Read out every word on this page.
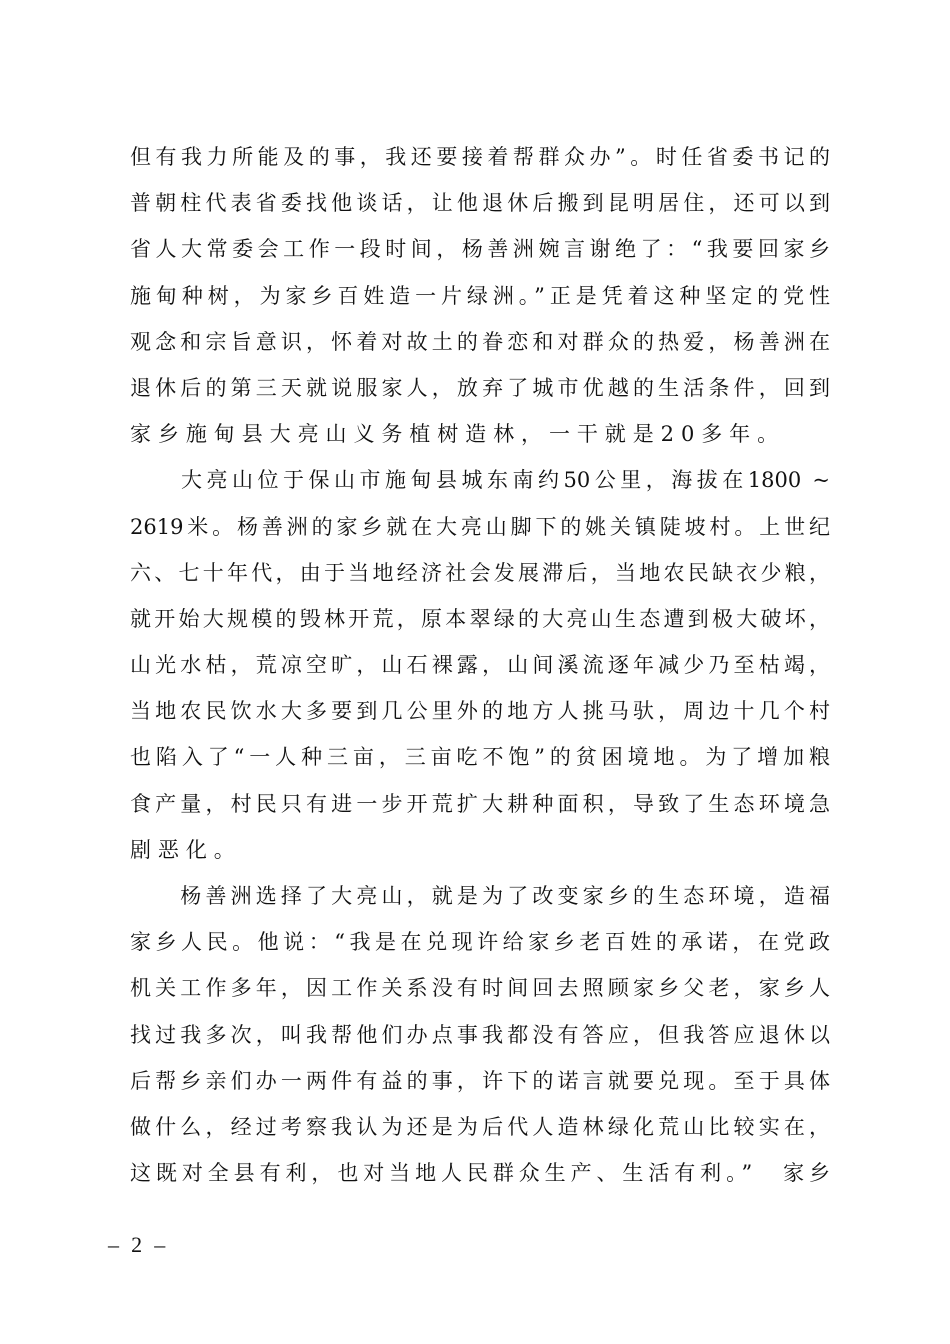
但有我力所能及的事，我还要接着帮群众办”。时任省委书记的
普朝柱代表省委找他谈话，让他退休后搬到昆明居住，还可以到
省人大常委会工作一段时间，杨善洲婉言谢绝了：“我要回家乡
施甸种树，为家乡百姓造一片绿洲。”正是凭着这种坚定的党性
观念和宗旨意识，怀着对故土的眷恋和对群众的热爱，杨善洲在
退休后的第三天就说服家人，放弃了城市优越的生活条件，回到
家乡施甸县大亮山义务植树造林，一干就是20多年。
　　大亮山位于保山市施甸县城东南约50公里，海拔在1800 ~
2619米。杨善洲的家乡就在大亮山脚下的姚关镇陡坡村。上世纪
六、七十年代，由于当地经济社会发展滞后，当地农民缺衣少粮，
就开始大规模的毁林开荒，原本翠绿的大亮山生态遭到极大破坏，
山光水枯，荒凉空旷，山石裸露，山间溪流逐年减少乃至枯竭，
当地农民饮水大多要到几公里外的地方人挑马驮，周边十几个村
也陷入了“一人种三亩，三亩吃不饱”的贫困境地。为了增加粮
食产量，村民只有进一步开荒扩大耕种面积，导致了生态环境急
剧恶化。
　　杨善洲选择了大亮山，就是为了改变家乡的生态环境，造福
家乡人民。他说：“我是在兑现许给家乡老百姓的承诺，在党政
机关工作多年，因工作关系没有时间回去照顾家乡父老，家乡人
找过我多次，叫我帮他们办点事我都没有答应，但我答应退休以
后帮乡亲们办一两件有益的事，许下的诺言就要兑现。至于具体
做什么，经过考察我认为还是为后代人造林绿化荒山比较实在，
这既对全县有利，也对当地人民群众生产、生活有利。”　家乡
– 2 –
